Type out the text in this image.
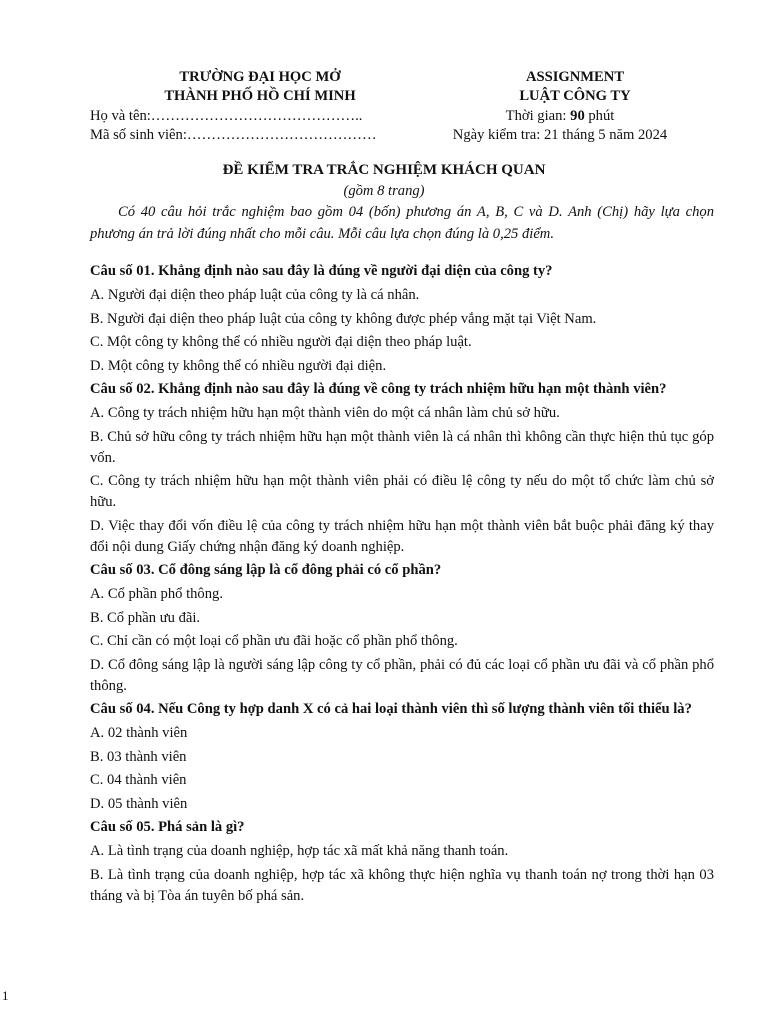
TRƯỜNG ĐẠI HỌC MỞ	ASSIGNMENT
THÀNH PHỐ HỒ CHÍ MINH	LUẬT CÔNG TY
Họ và tên:……………………………………..	Thời gian: 90 phút
Mã số sinh viên:…………………………………	Ngày kiểm tra: 21 tháng 5 năm 2024
ĐỀ KIỂM TRA TRẮC NGHIỆM KHÁCH QUAN
(gồm 8 trang)
Có 40 câu hỏi trắc nghiệm bao gồm 04 (bốn) phương án A, B, C và D. Anh (Chị) hãy lựa chọn phương án trả lời đúng nhất cho mỗi câu. Mỗi câu lựa chọn đúng là 0,25 điểm.
Câu số 01. Khẳng định nào sau đây là đúng về người đại diện của công ty?
A. Người đại diện theo pháp luật của công ty là cá nhân.
B. Người đại diện theo pháp luật của công ty không được phép vắng mặt tại Việt Nam.
C. Một công ty không thể có nhiều người đại diện theo pháp luật.
D. Một công ty không thể có nhiều người đại diện.
Câu số 02. Khẳng định nào sau đây là đúng về công ty trách nhiệm hữu hạn một thành viên?
A. Công ty trách nhiệm hữu hạn một thành viên do một cá nhân làm chủ sở hữu.
B. Chủ sở hữu công ty trách nhiệm hữu hạn một thành viên là cá nhân thì không cần thực hiện thủ tục góp vốn.
C. Công ty trách nhiệm hữu hạn một thành viên phải có điều lệ công ty nếu do một tổ chức làm chủ sở hữu.
D. Việc thay đổi vốn điều lệ của công ty trách nhiệm hữu hạn một thành viên bắt buộc phải đăng ký thay đổi nội dung Giấy chứng nhận đăng ký doanh nghiệp.
Câu số 03. Cổ đông sáng lập là cổ đông phải có cổ phần?
A. Cổ phần phổ thông.
B. Cổ phần ưu đãi.
C. Chỉ cần có một loại cổ phần ưu đãi hoặc cổ phần phổ thông.
D. Cổ đông sáng lập là người sáng lập công ty cổ phần, phải có đủ các loại cổ phần ưu đãi và cổ phần phổ thông.
Câu số 04. Nếu Công ty hợp danh X có cả hai loại thành viên thì số lượng thành viên tối thiểu là?
A. 02 thành viên
B. 03 thành viên
C. 04 thành viên
D. 05 thành viên
Câu số 05. Phá sản là gì?
A. Là tình trạng của doanh nghiệp, hợp tác xã mất khả năng thanh toán.
B. Là tình trạng của doanh nghiệp, hợp tác xã không thực hiện nghĩa vụ thanh toán nợ trong thời hạn 03 tháng và bị Tòa án tuyên bố phá sản.
1
